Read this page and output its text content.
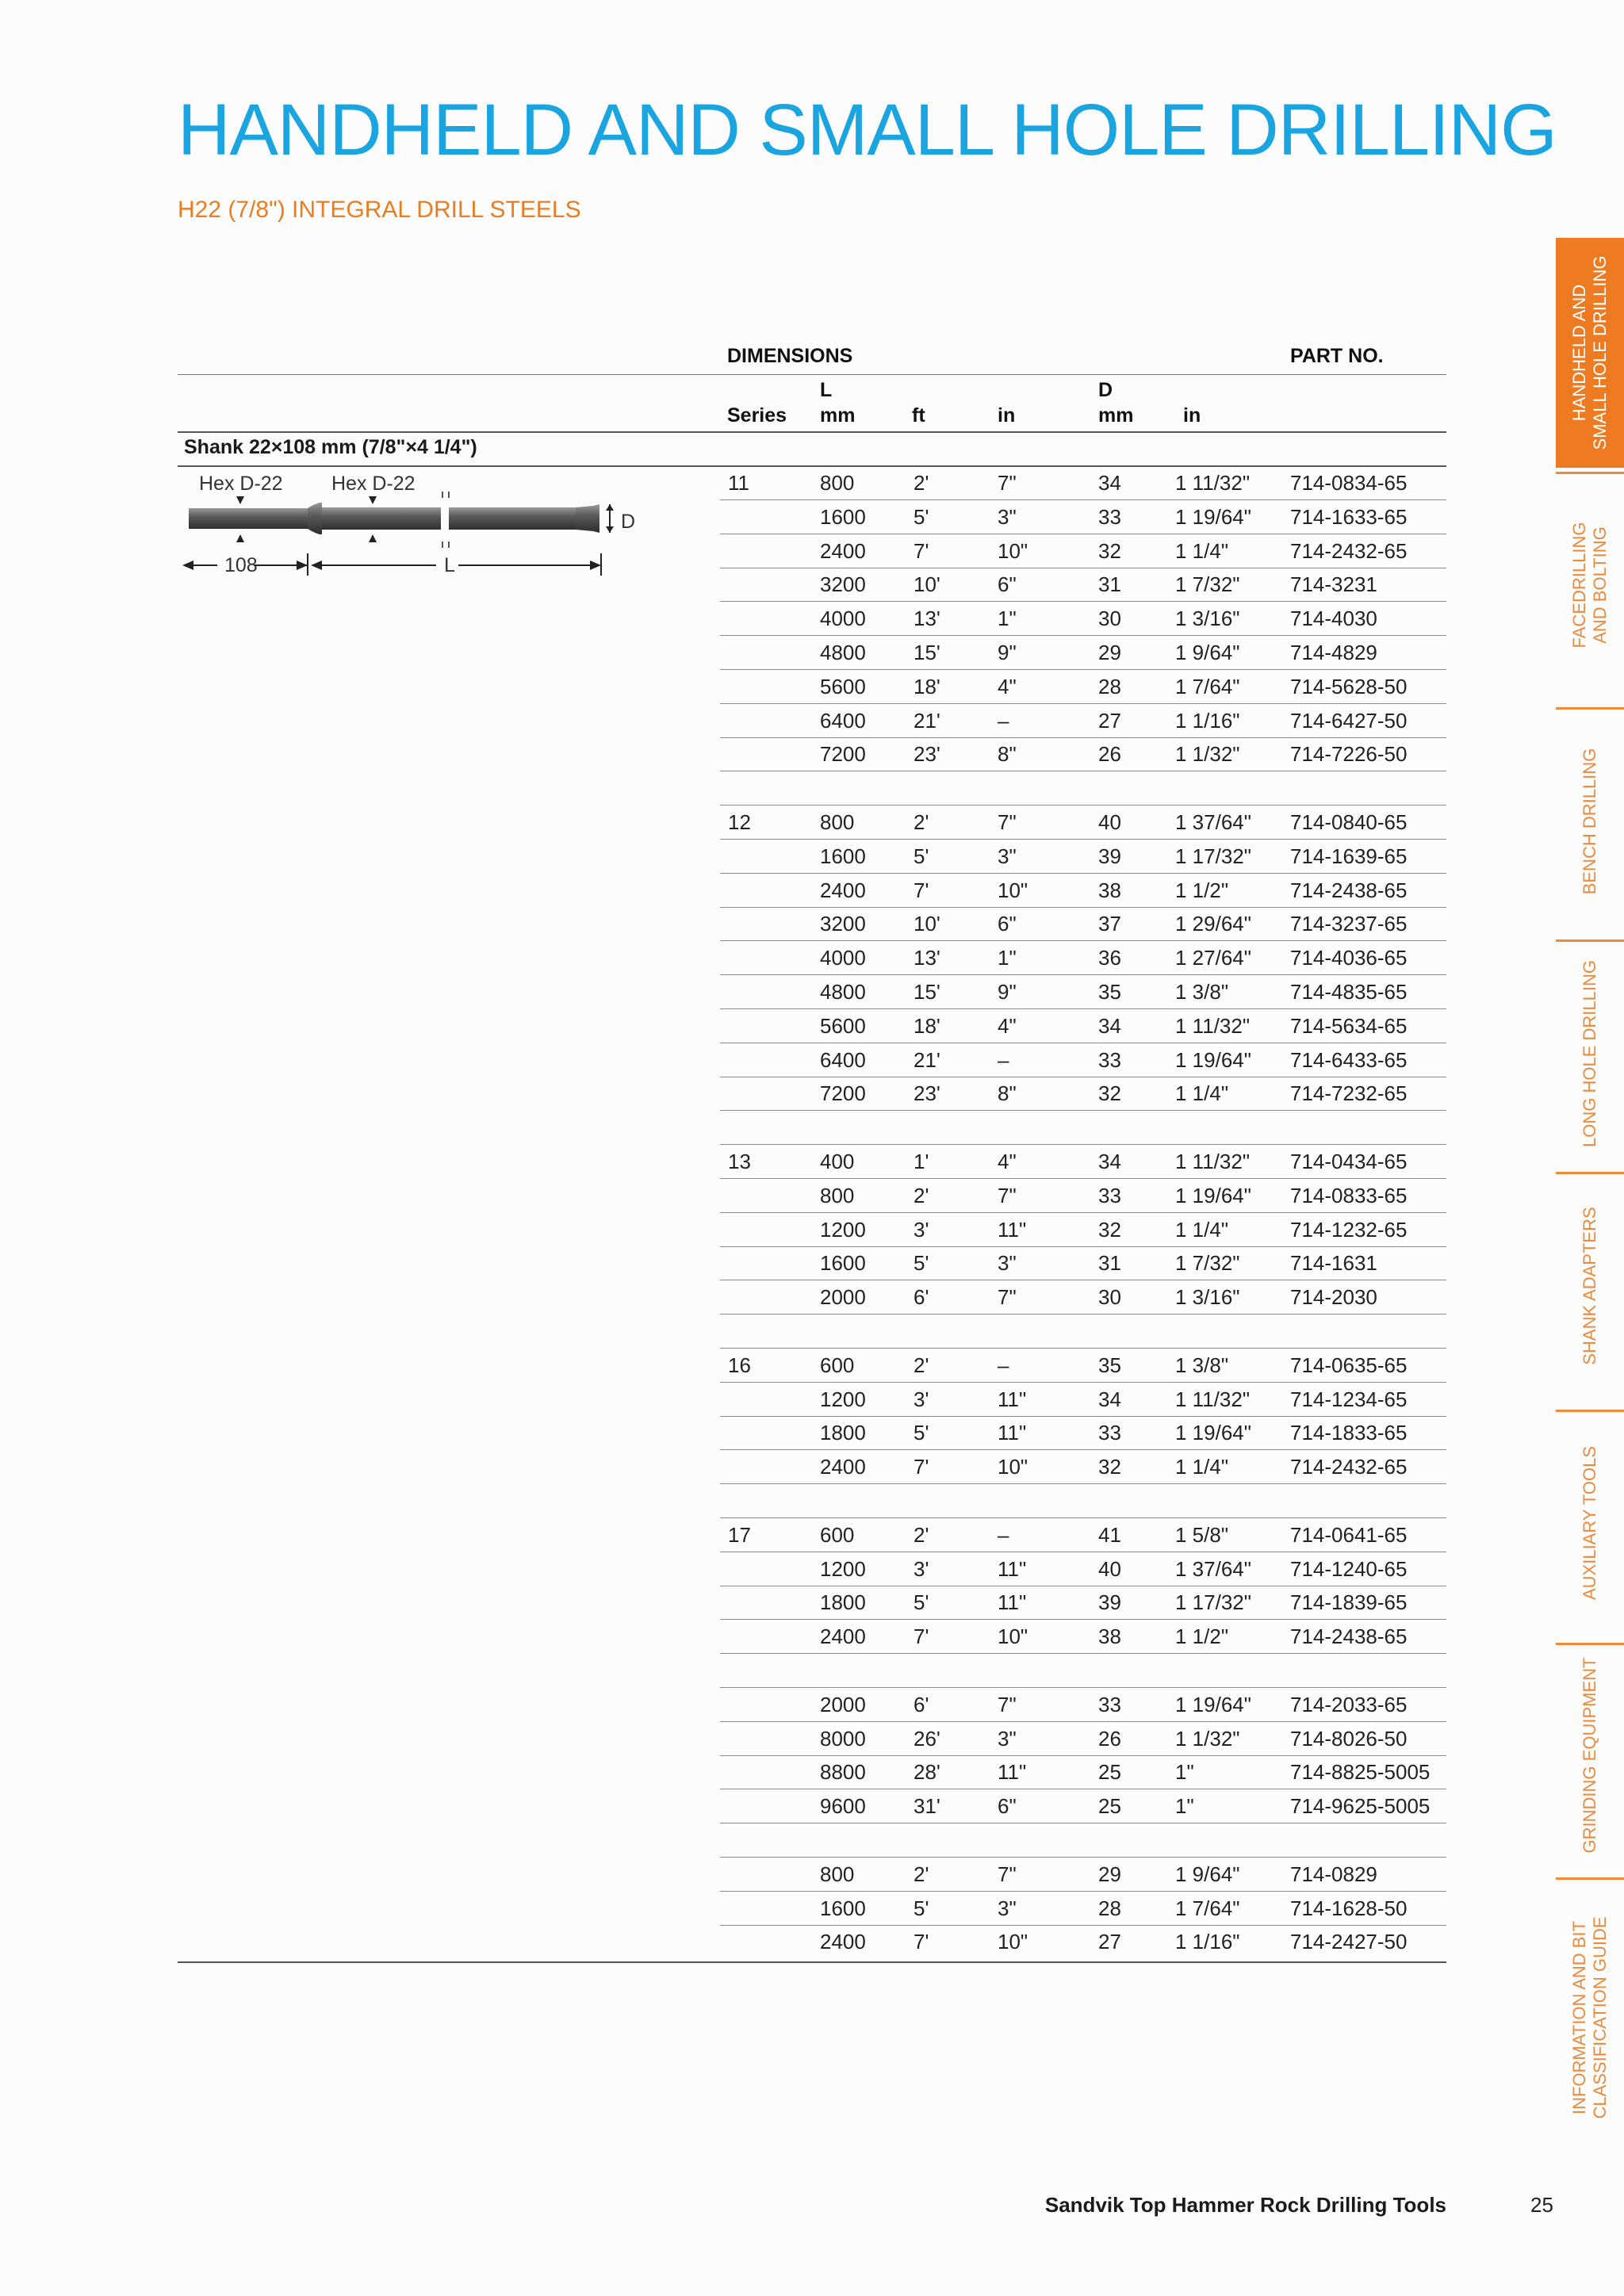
HANDHELD AND SMALL HOLE DRILLING
H22 (7/8") INTEGRAL DRILL STEELS
DIMENSIONS	PART NO.
L	D
Series mm	ft	in	mm	in
Shank 22×108 mm (7/8"×4 1/4")
Hex D-22 Hex D-22
D
108	L
11	800	2'	7"	34	1 11/32" 714-0834-65
1600 5'	3"	33	1 19/64" 714-1633-65
2400 7'	10"	32	1 1/4"	714-2432-65
3200 10'	6"	31	1 7/32" 714-3231
4000 13'	1"	30	1 3/16" 714-4030
4800 15'	9"	29	1 9/64" 714-4829
5600 18'	4"	28	1 7/64" 714-5628-50
6400 21'	–	27	1 1/16" 714-6427-50
7200 23'	8"	26	1 1/32" 714-7226-50
12	800	2'	7"	40	1 37/64" 714-0840-65
1600 5'	3"	39	1 17/32" 714-1639-65
2400 7'	10"	38	1 1/2"	714-2438-65
3200 10'	6"	37	1 29/64" 714-3237-65
4000 13'	1"	36	1 27/64" 714-4036-65
4800 15'	9"	35	1 3/8"	714-4835-65
5600 18'	4"	34	1 11/32" 714-5634-65
6400 21'	–	33	1 19/64" 714-6433-65
7200 23'	8"	32	1 1/4"	714-7232-65
13	400	1'	4"	34	1 11/32" 714-0434-65
800	2'	7"	33	1 19/64" 714-0833-65
1200 3'	11"	32	1 1/4"	714-1232-65
1600 5'	3"	31	1 7/32" 714-1631
2000 6'	7"	30	1 3/16" 714-2030
16	600	2'	–	35	1 3/8"	714-0635-65
1200 3'	11"	34	1 11/32" 714-1234-65
1800 5'	11"	33	1 19/64" 714-1833-65
2400 7'	10"	32	1 1/4"	714-2432-65
17	600	2'	–	41	1 5/8"	714-0641-65
1200 3'	11"	40	1 37/64" 714-1240-65
1800 5'	11"	39	1 17/32" 714-1839-65
2400 7'	10"	38	1 1/2"	714-2438-65
2000 6'	7"	33	1 19/64" 714-2033-65
8000 26'	3"	26	1 1/32" 714-8026-50
8800 28'	11"	25	1"	714-8825-5005
9600 31'	6"	25	1"	714-9625-5005
800	2'	7"	29	1 9/64" 714-0829
1600 5'	3"	28	1 7/64" 714-1628-50
2400 7'	10"	27	1 1/16" 714-2427-50
HANDHELD AND
SMALL HOLE DRILLING
FACEDRILLING
AND BOLTING
BENCH DRILLING
LONG HOLE DRILLING
SHANK ADAPTERS
AUXILIARY TOOLS
GRINDING EQUIPMENT
INFORMATION AND BIT
CLASSIFICATION GUIDE
Sandvik Top Hammer Rock Drilling Tools	25
